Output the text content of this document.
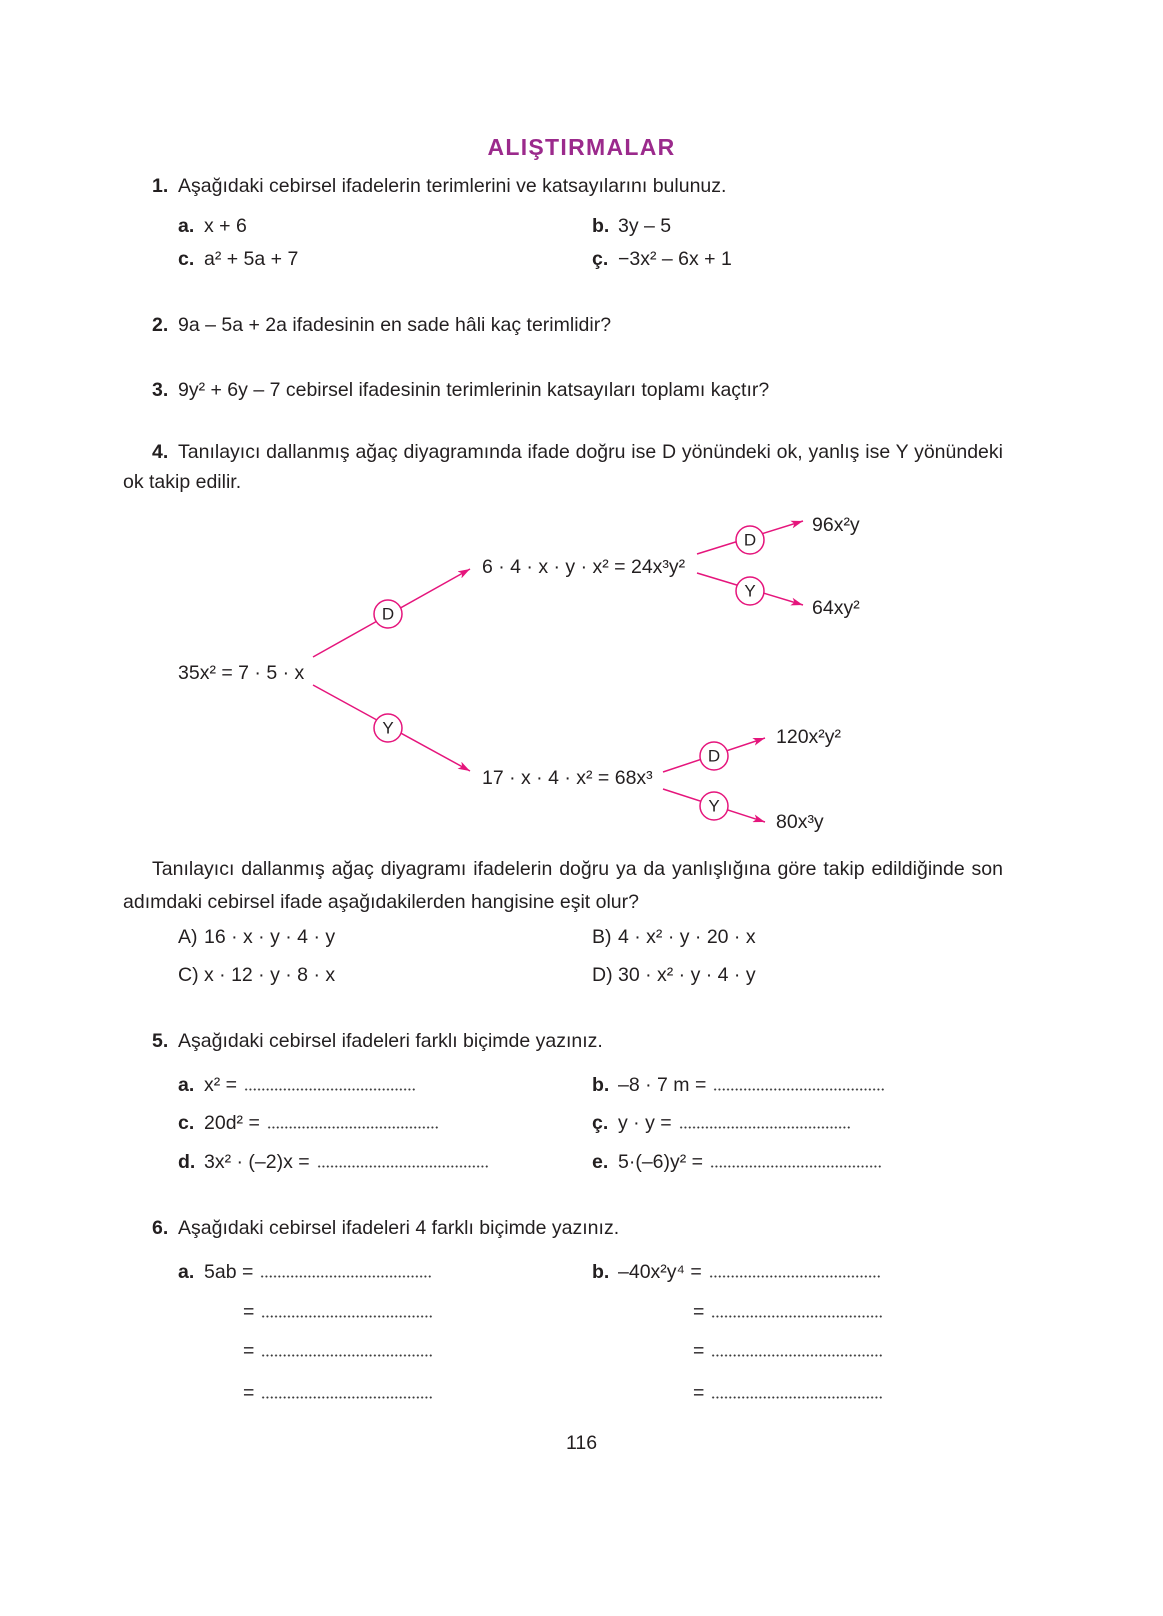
ALIŞTIRMALAR
1. Aşağıdaki cebirsel ifadelerin terimlerini ve katsayılarını bulunuz.
a. x + 6	b. 3y – 5
c. a² + 5a + 7	ç. −3x² – 6x + 1
2. 9a – 5a + 2a ifadesinin en sade hâli kaç terimlidir?
3. 9y² + 6y – 7 cebirsel ifadesinin terimlerinin katsayıları toplamı kaçtır?
4. Tanılayıcı dallanmış ağaç diyagramında ifade doğru ise D yönündeki ok, yanlış ise Y yönündeki
ok takip edilir.
D
Y
D
Y
D
Y
35x² = 7 · 5 · x
6 · 4 · x · y · x² = 24x³y²
17 · x · 4 · x² = 68x³
96x²y
64xy²
120x²y²
80x³y
Tanılayıcı dallanmış ağaç diyagramı ifadelerin doğru ya da yanlışlığına göre takip edildiğinde son
adımdaki cebirsel ifade aşağıdakilerden hangisine eşit olur?
A) 16 · x · y · 4 · y	B) 4 · x² · y · 20 · x
C) x · 12 · y · 8 · x	D) 30 · x² · y · 4 · y
5. Aşağıdaki cebirsel ifadeleri farklı biçimde yazınız.
a. x² =	b. –8 · 7 m =
c. 20d² =	ç. y · y =
d. 3x² · (–2)x =	e. 5·(–6)y² =
6. Aşağıdaki cebirsel ifadeleri 4 farklı biçimde yazınız.
a. 5ab =	b. –40x²y⁴ =
=	=
=	=
=	=
116
